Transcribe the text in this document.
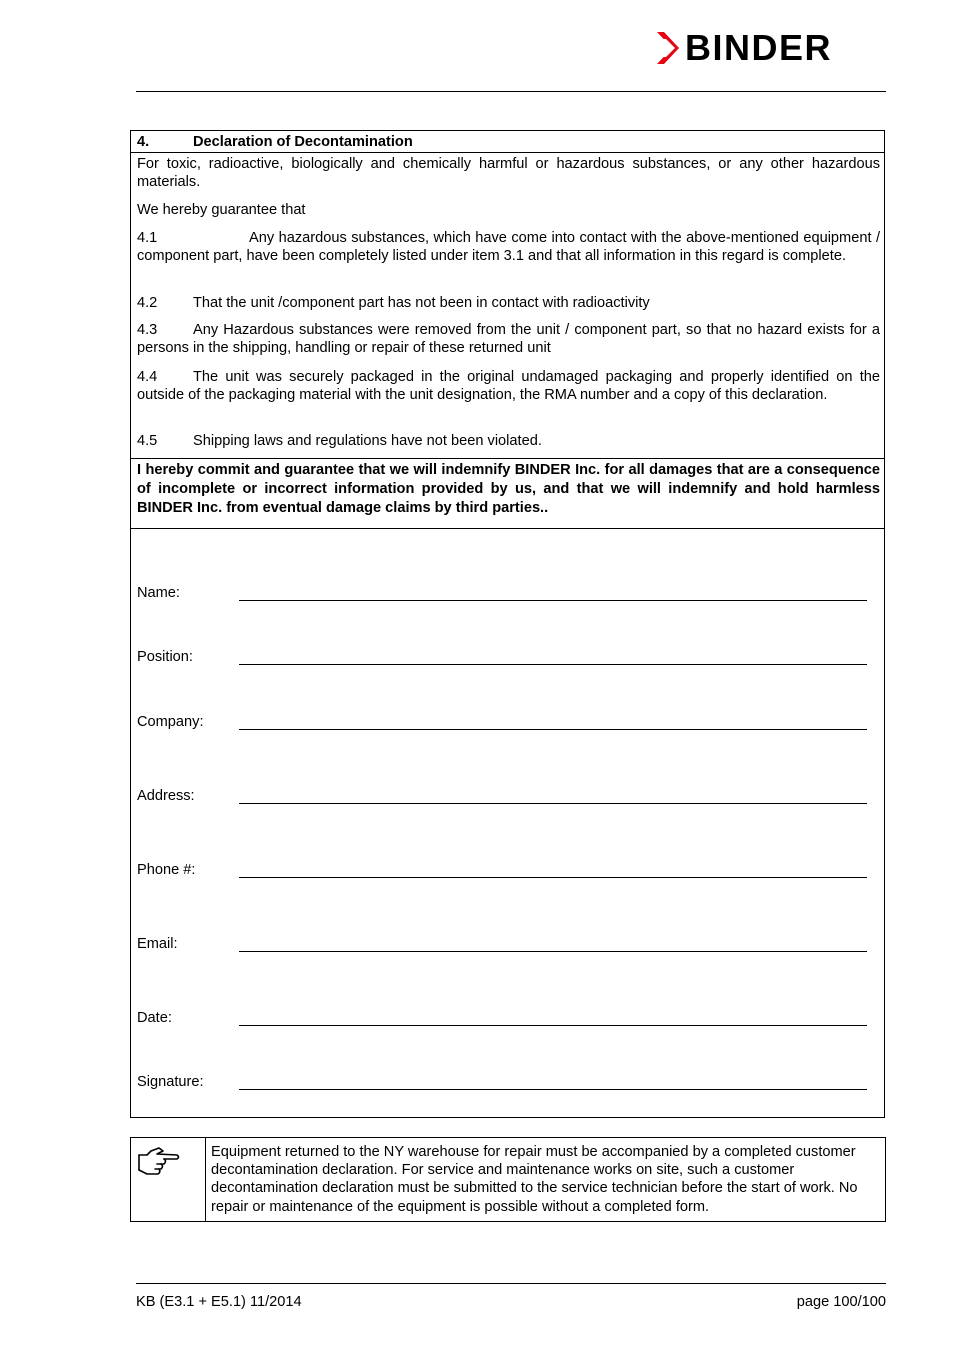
BINDER
4.	Declaration of Decontamination

For toxic, radioactive, biologically and chemically harmful or hazardous substances, or any other hazardous materials.

We hereby guarantee that

4.1	Any hazardous substances, which have come into contact with the above-mentioned equipment / component part, have been completely listed under item 3.1 and that all information in this regard is complete.

4.2 That the unit /component part has not been in contact with radioactivity

4.3 Any Hazardous substances were removed from the unit / component part, so that no hazard exists for a persons in the shipping, handling or repair of these returned unit

4.4 The unit was securely packaged in the original undamaged packaging and properly identified on the outside of the packaging material with the unit designation, the RMA number and a copy of this declaration.

4.5 Shipping laws and regulations have not been violated.

I hereby commit and guarantee that we will indemnify BINDER Inc. for all damages that are a consequence of incomplete or incorrect information provided by us, and that we will indemnify and hold harmless BINDER Inc. from eventual damage claims by third parties..
Name:
Position:
Company:
Address:
Phone #:
Email:
Date:
Signature:
Equipment returned to the NY warehouse for repair must be accompanied by a completed customer decontamination declaration. For service and maintenance works on site, such a customer decontamination declaration must be submitted to the service technician before the start of work. No repair or maintenance of the equipment is possible without a completed form.
KB (E3.1 + E5.1) 11/2014	page 100/100
